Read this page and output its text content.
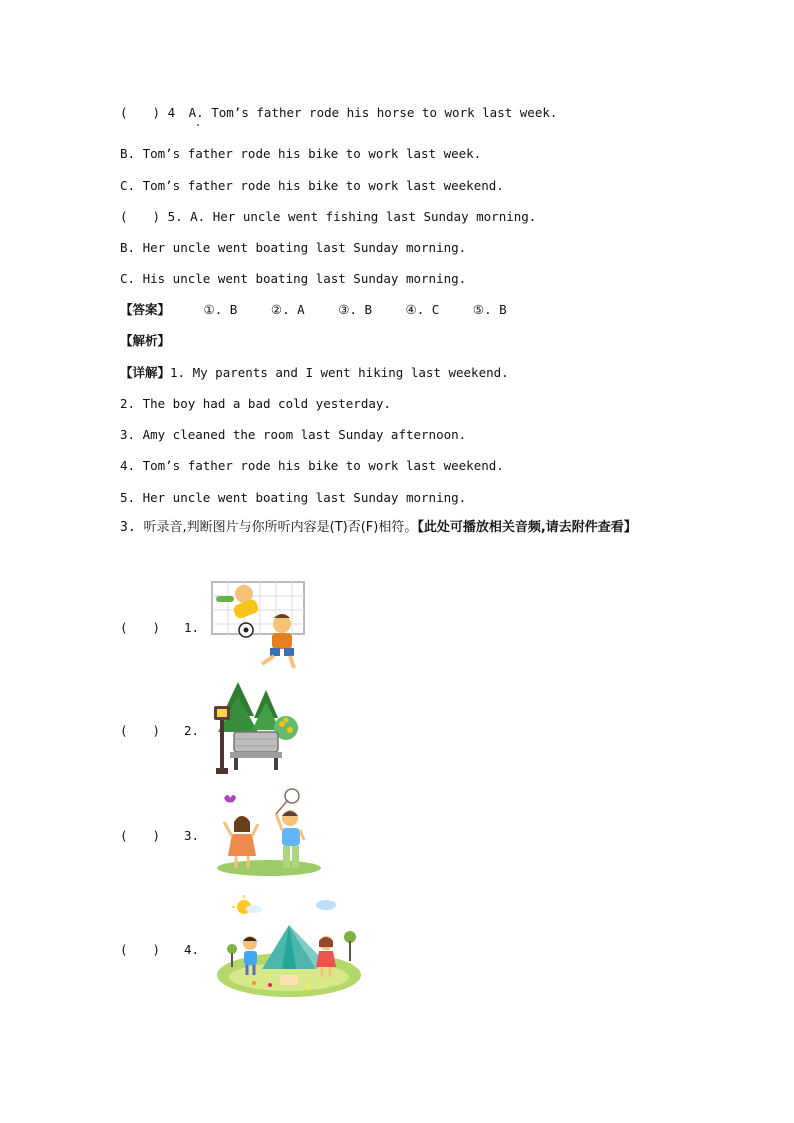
(　　) 4 A. Tom’s father rode his horse to work last week.
B. Tom’s father rode his bike to work last week.
C. Tom’s father rode his bike to work last weekend.
(　　) 5. A. Her uncle went fishing last Sunday morning.
B. Her uncle went boating last Sunday morning.
C. His uncle went boating last Sunday morning.
【答案】	①. B	②. A	③. B	④. C	⑤. B
【解析】
【详解】1. My parents and I went hiking last weekend.
2. The boy had a bad cold yesterday.
3. Amy cleaned the room last Sunday afternoon.
4. Tom’s father rode his bike to work last weekend.
5. Her uncle went boating last Sunday morning.
3. 听录音,判断图片与你所听内容是(T)否(F)相符。【此处可播放相关音频,请去附件查看】
(　　) 1.
(　　) 2.
(　　) 3.
(　　) 4.
